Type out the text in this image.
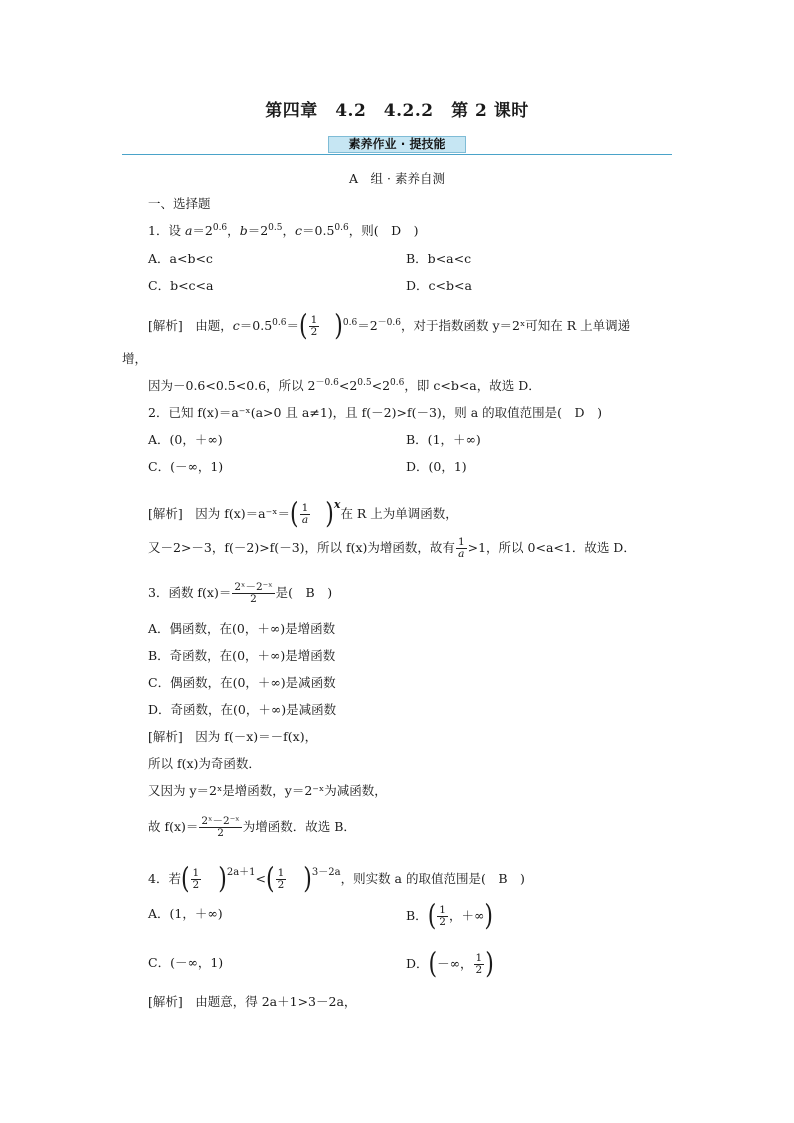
第四章　4.2　4.2.2　第 2 课时
素养作业 · 提技能
A　组 · 素养自测
一、选择题
1．设 $a=2^{0.6}$，$b=2^{0.5}$，$c=0.5^{0.6}$，则(　D　)
A．a<b<c	B．b<a<c
C．b<c<a	D．c<b<a
[解析]　由题，$c=0.5^{0.6}=( \frac{1}{2} )^{0.6}=2^{-0.6}$，对于指数函数 y＝2ˣ可知在 R 上单调递
增，
因为－0.6<0.5<0.6，所以 $2^{-0.6}<2^{0.5}<2^{0.6}$，即 c<b<a，故选 D．
2．已知 f(x)＝a⁻ˣ(a>0 且 a≠1)，且 f(－2)>f(－3)，则 a 的取值范围是(　D　)
A．(0，＋∞)	B．(1，＋∞)
C．(－∞，1)	D．(0，1)
[解析]　因为 f(x)＝a⁻ˣ＝( $\frac{1}{a} )x$在 R 上为单调函数，
又－2>－3，f(－2)>f(－3)，所以 f(x)为增函数，故有 $\frac{1}{a} >1$，所以 0<a<1．故选 D．
3．函数 $f(x)= \frac{\text{2ˣ－2⁻ˣ}}{2}$ 是(　B　)
A．偶函数，在(0，＋∞)是增函数
B．奇函数，在(0，＋∞)是增函数
C．偶函数，在(0，＋∞)是减函数
D．奇函数，在(0，＋∞)是减函数
[解析]　因为 f(－x)＝－f(x)，
所以 f(x)为奇函数．
又因为 y＝2ˣ是增函数，y＝2⁻ˣ为减函数，
故 $f(x)= \frac{\text{2ˣ－2⁻ˣ}}{2}$ 为增函数．故选 B．
4．若( $\frac{1}{2} )^{2a+1}<( \frac{1}{2} )^{3-2a}$，则实数 a 的取值范围是(　B　)
A．(1，＋∞)	B．( $\frac{1}{2}$ ，＋∞)
C．(－∞，1)	D．(－∞， $\frac{1}{2}$ )
[解析]　由题意，得 2a＋1>3－2a，
